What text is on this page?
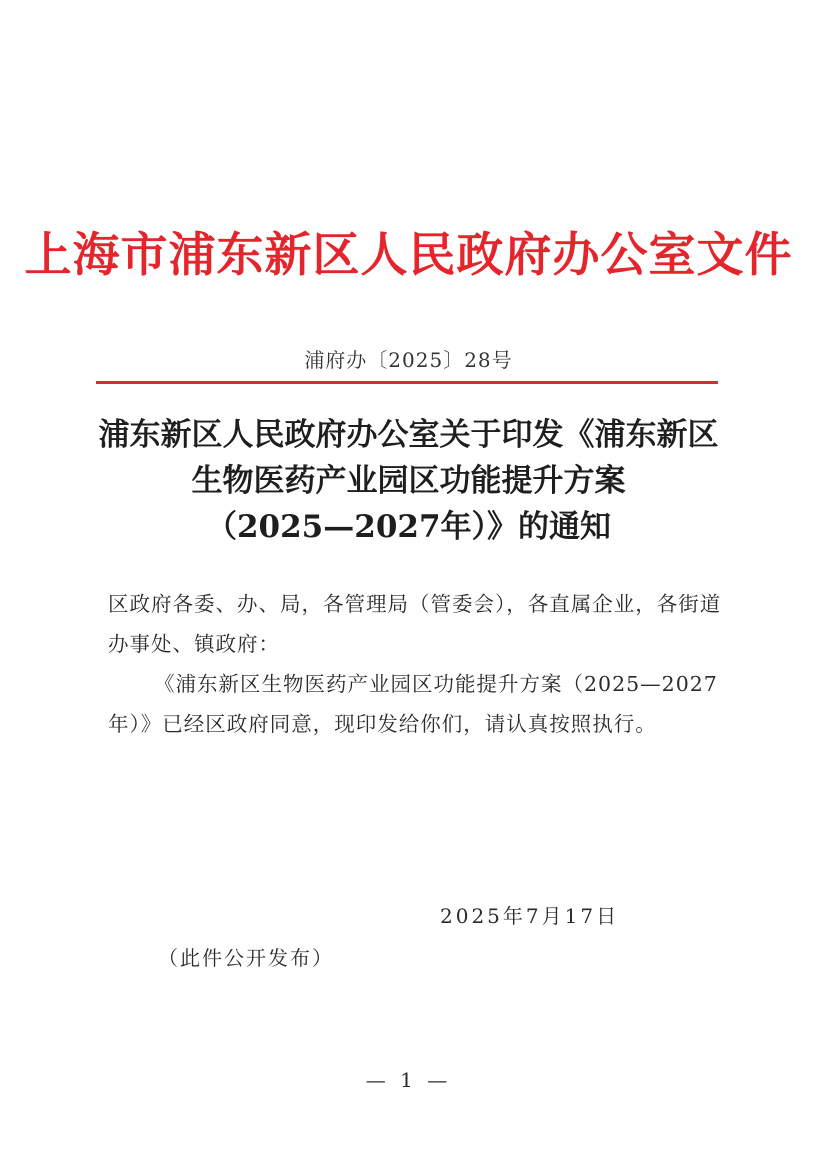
上海市浦东新区人民政府办公室文件
浦府办〔2025〕28号
浦东新区人民政府办公室关于印发《浦东新区
生物医药产业园区功能提升方案
（2025—2027年）》的通知
区政府各委、办、局，各管理局（管委会），各直属企业，各街道
办事处、镇政府：
《浦东新区生物医药产业园区功能提升方案（2025—2027
年）》已经区政府同意，现印发给你们，请认真按照执行。
2025年7月17日
（此件公开发布）
— 1 —
